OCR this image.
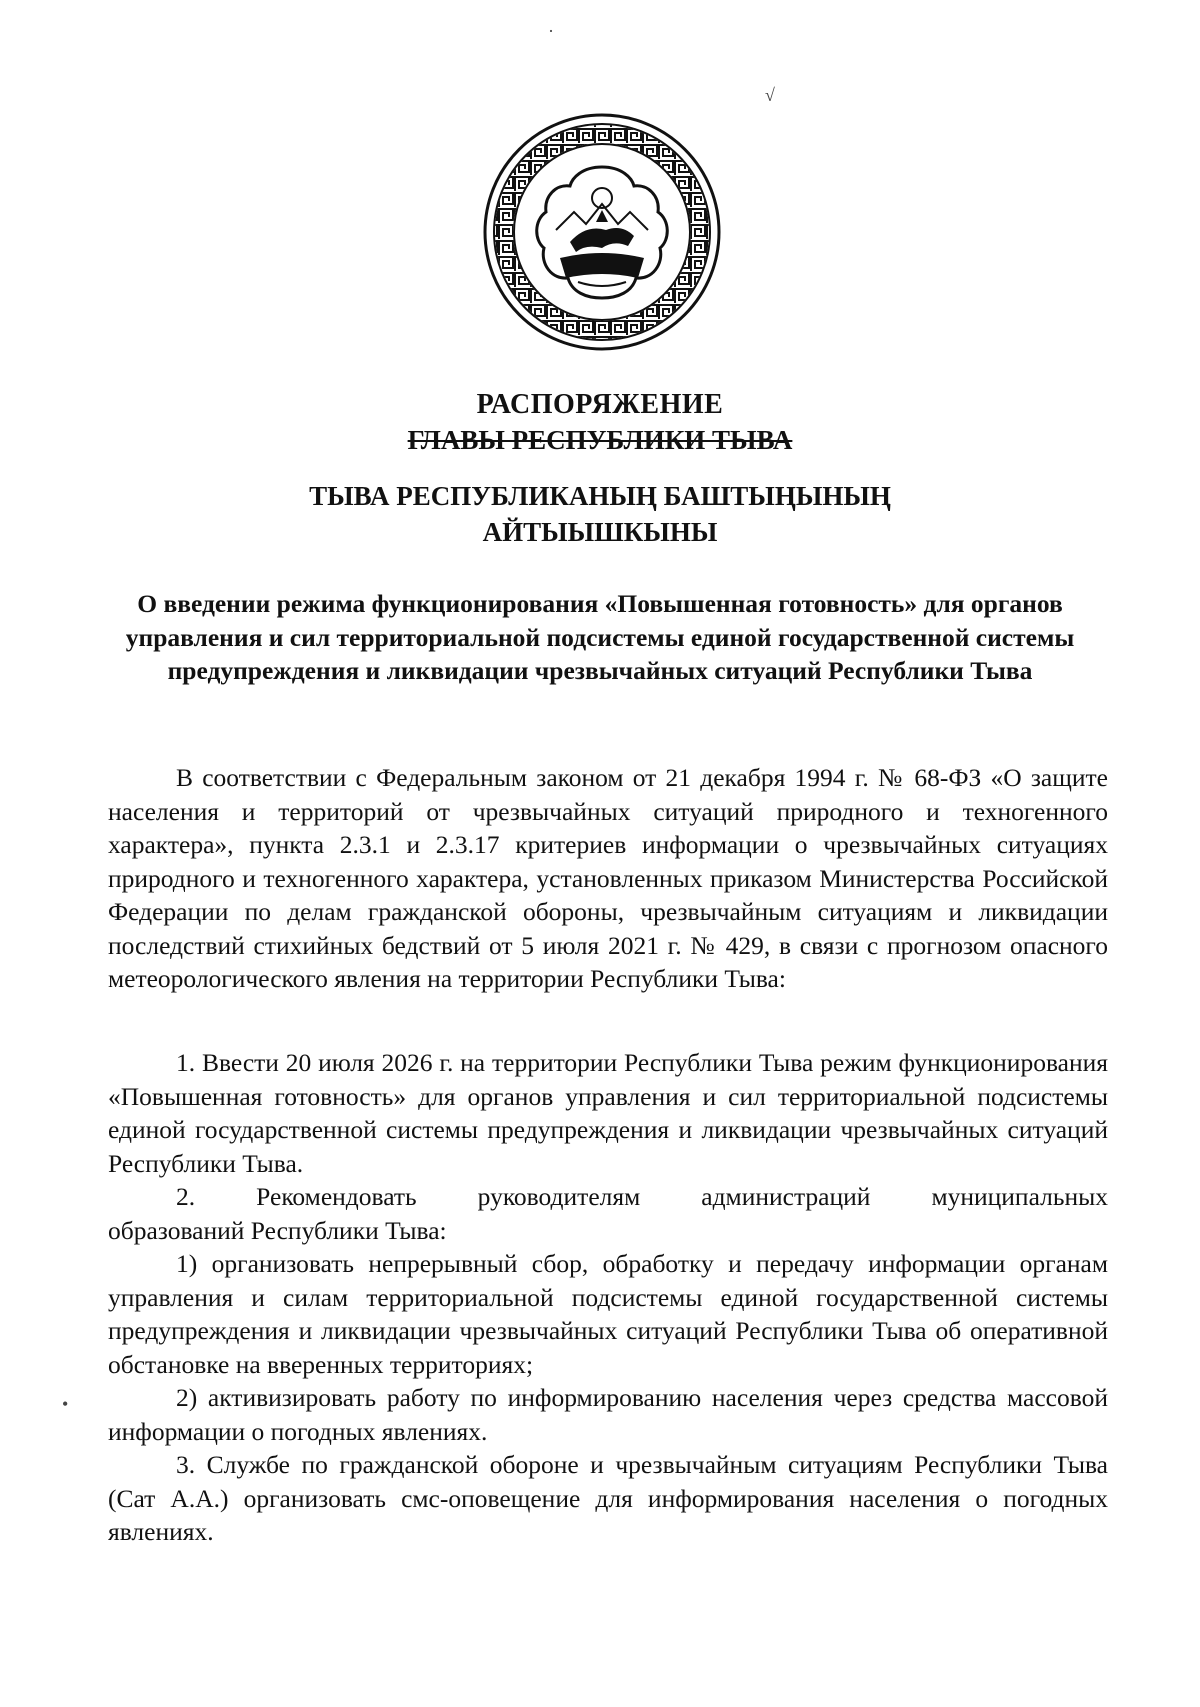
·
√
РАСПОРЯЖЕНИЕ
ГЛАВЫ РЕСПУБЛИКИ ТЫВА
ТЫВА РЕСПУБЛИКАНЫҢ БАШТЫҢЫНЫҢ
АЙТЫЫШКЫНЫ
О введении режима функционирования «Повышенная готовность» для органов управления и сил территориальной подсистемы единой государственной системы предупреждения и ликвидации чрезвычайных ситуаций Республики Тыва

В соответствии с Федеральным законом от 21 декабря 1994 г. № 68-ФЗ «О защите населения и территорий от чрезвычайных ситуаций природного и техногенного характера», пункта 2.3.1 и 2.3.17 критериев информации о чрезвычайных ситуациях природного и техногенного характера, установленных приказом Министерства Российской Федерации по делам гражданской обороны, чрезвычайным ситуациям и ликвидации последствий стихийных бедствий от 5 июля 2021 г. № 429, в связи с прогнозом опасного метеорологического явления на территории Республики Тыва:

1. Ввести 20 июля 2026 г. на территории Республики Тыва режим функционирования «Повышенная готовность» для органов управления и сил территориальной подсистемы единой государственной системы предупреждения и ликвидации чрезвычайных ситуаций Республики Тыва.

2. Рекомендовать руководителям администраций муниципальных

образований Республики Тыва:

1) организовать непрерывный сбор, обработку и передачу информации органам управления и силам территориальной подсистемы единой государственной системы предупреждения и ликвидации чрезвычайных ситуаций Республики Тыва об оперативной обстановке на вверенных территориях;

2) активизировать работу по информированию населения через средства массовой информации о погодных явлениях.

3. Службе по гражданской обороне и чрезвычайным ситуациям Республики Тыва (Сат А.А.) организовать смс-оповещение для информирования населения о погодных явлениях.

•
